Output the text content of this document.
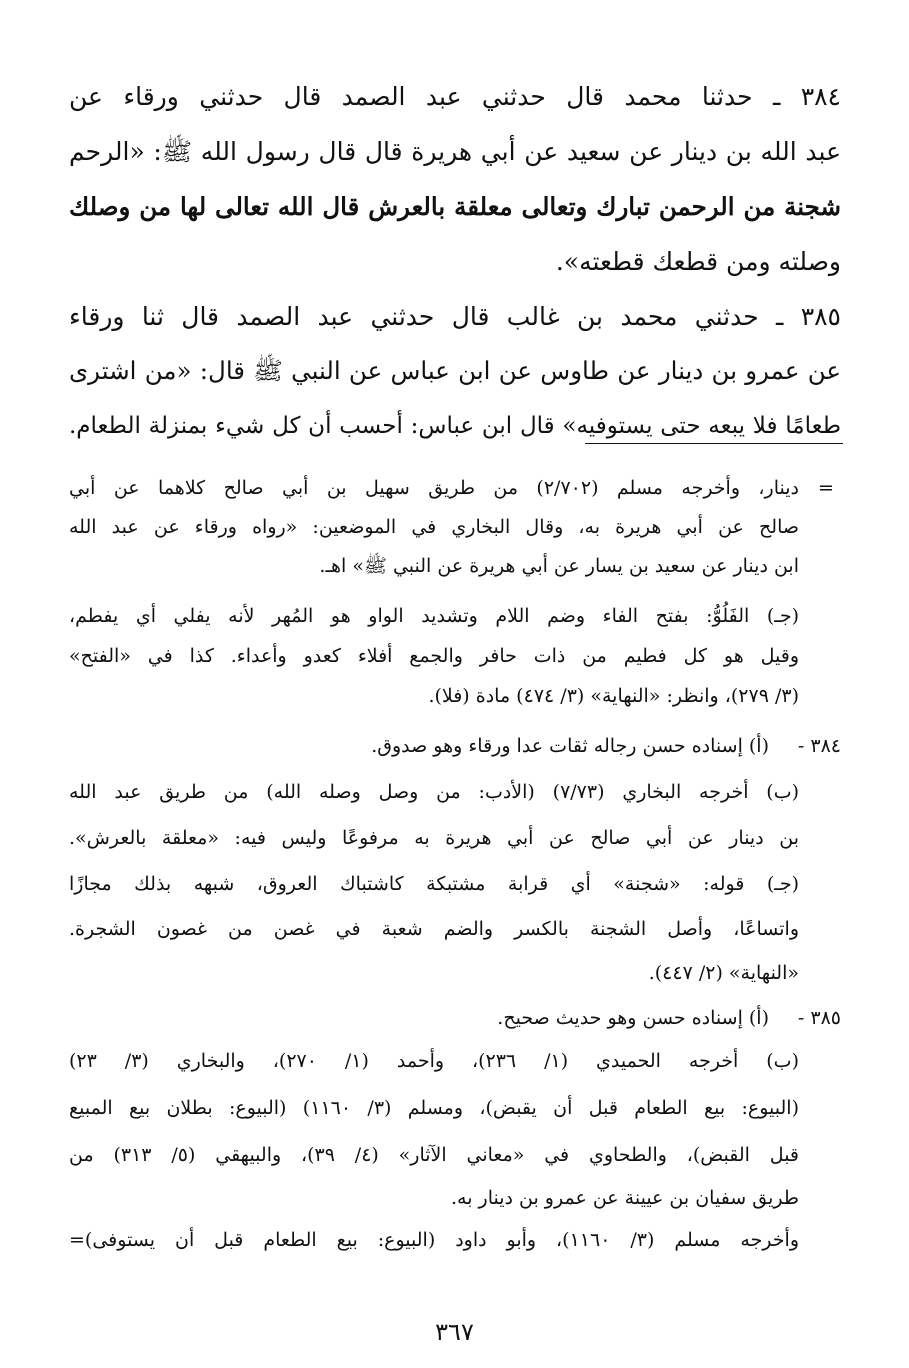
٣٨٤ ـ حدثنا محمد قال حدثني عبد الصمد قال حدثني ورقاء عن
عبد الله بن دينار عن سعيد عن أبي هريرة قال قال رسول الله ﷺ: «الرحم
شجنة من الرحمن تبارك وتعالى معلقة بالعرش قال الله تعالى لها من وصلك
وصلته ومن قطعك قطعته».
٣٨٥ ـ حدثني محمد بن غالب قال حدثني عبد الصمد قال ثنا ورقاء
عن عمرو بن دينار عن طاوس عن ابن عباس عن النبي ﷺ قال: «من اشترى
طعامًا فلا يبعه حتى يستوفيه» قال ابن عباس: أحسب أن كل شيء بمنزلة الطعام.
=
دينار، وأخرجه مسلم (٢/٧٠٢) من طريق سهيل بن أبي صالح كلاهما عن أبي
صالح عن أبي هريرة به، وقال البخاري في الموضعين: «رواه ورقاء عن عبد الله
ابن دينار عن سعيد بن يسار عن أبي هريرة عن النبي ﷺ» اهـ.
(جـ) الفَلُوُّ: بفتح الفاء وضم اللام وتشديد الواو هو المُهر لأنه يفلي أي يفطم،
وقيل هو كل فطيم من ذات حافر والجمع أفلاء كعدو وأعداء. كذا في «الفتح»
(٣/ ٢٧٩)، وانظر: «النهاية» (٣/ ٤٧٤) مادة (فلا).
٣٨٤ -
(أ) إسناده حسن رجاله ثقات عدا ورقاء وهو صدوق.
(ب) أخرجه البخاري (٧/٧٣) (الأدب: من وصل وصله الله) من طريق عبد الله
بن دينار عن أبي صالح عن أبي هريرة به مرفوعًا وليس فيه: «معلقة بالعرش».
(جـ) قوله: «شجنة» أي قرابة مشتبكة كاشتباك العروق، شبهه بذلك مجازًا
واتساعًا، وأصل الشجنة بالكسر والضم شعبة في غصن من غصون الشجرة.
«النهاية» (٢/ ٤٤٧).
٣٨٥ -
(أ) إسناده حسن وهو حديث صحيح.
(ب) أخرجه الحميدي (١/ ٢٣٦)، وأحمد (١/ ٢٧٠)، والبخاري (٣/ ٢٣)
(البيوع: بيع الطعام قبل أن يقبض)، ومسلم (٣/ ١١٦٠) (البيوع: بطلان بيع المبيع
قبل القبض)، والطحاوي في «معاني الآثار» (٤/ ٣٩)، والبيهقي (٥/ ٣١٣) من
طريق سفيان بن عيينة عن عمرو بن دينار به.
وأخرجه مسلم (٣/ ١١٦٠)، وأبو داود (البيوع: بيع الطعام قبل أن يستوفى)=
٣٦٧
